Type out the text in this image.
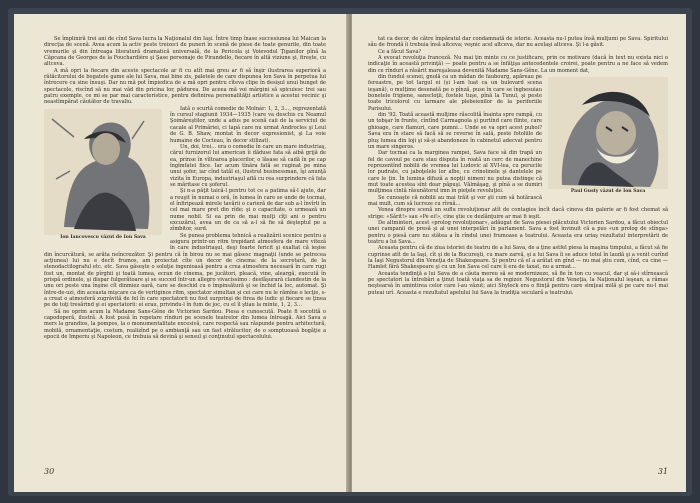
Se împliniră trei ani de cînd Sava lucra la Naţionalul din Iaşi. Între timp înase succesiunea lui Maican la direcţia de scenă. Avea acum la activ peste treizeci de puneri în scenă de piese de toate genurile, din toate vremurile şi din întreaga literatură dramatică universală, de la Pericola şi Voievodul Ţiganilor pînă la Căpcana de Georges de la Fouchardière şi Şase personaje de Pirandello, fiecare în altă viziune şi, firește, cu altceva.

A mă opri la fiecare din aceste spectacole ar fi cu atît mai greu ar fi să înşir ilustrarea superioră a rătăcitorului de bogatele game ale lui Sava, mai bine zis, paletele de care dispunea Ion Sava în perpetua lui întrecere cu sine însuşi. Dar nu mă pot împiedica de a mă opri pentru cîteva clipe în desişul unui bunget de spectacole, riscînd să nu mai văd din pricina lor, pădurea. De aceea mă voi mărgini să spicuiesc trei sau patru exemple, ce mi se par mai caracteristice, pentru definirea personalităţii artistice a acestui vecinic şi neastîmpărat căutător de travaliu.

Ion Iancovescu văzut de Ion Sava

Iată o scurtă comedie de Molnár: 1, 2, 3…, reprezentată în cursul stagiunii 1934—1935 (care va deschis cu Neamul Şoimăreştilor, unde a adus pe scenă caii de la serviciul de cacale al Primăriei, ci tapă care nu urmat Androcles şi Leul de G. B. Shaw, montat în decor expresionist, şi La voie humaine de Cocteau, în decor stilizat).

Un, doi, trei… era o comedie în care un mare industriaş, cărui furnizorul lui american îi dăduse fata să aibă grijă de ea, prinse în vîltoarea placerilor, o lăsase să cadă în pe cap îngîmfatei fiice. Iar acum tînăra fată se ruginat pe mina unui şofer, iar cînd tatăl ei, ilustrul businessman, îşi anunţă vizita în Europa, industriaşul află cu rea surprindere că fata se măritase cu şoferul.

Şi n-a păţit taică-l pentru tot ce a patima să-l ajute, dar a reuşit în numai o oră, în lumea în care se unde de tocmai, el înfiripează mirele tavării o carieră de dar sub a-l învîrti în cel mai mare pret din rîde; şi o capacitate, o urmează un nume nobil. Si ea prin de mai mulţi cîţi ani o pentru excuzărul, avea un de ca să a-l să fie să deşteptul pe a zîmbitor, surd.

Se punea problema tehnică a realizării scenice pentru a asigura printr-un ritm trepidant atmosfera de mare viteză în care industriaşul, deşi foarte fericit şi exaltat că ieşise din încurcătură, se arăta neîncrezător. Şi pentru că în birou nu se mai găsesc magnaţii (unde se petrecea acţiunea) lui nu e decît frumos, am proiectat cîte un decor de cinema: de la secretară, de la stenodactilograful etc. etc. Sava găseşte o soluţie ingenioasă pentru a crea atmosfera necesară în care rugi fost un, montat de pîrghii şi toată lumea, ecran de cinema, pe jucători, pleacă, vine, aleargă, execută în prispă ordinele, şi dispar fulgerătoare şi se succed într-un allegro vivacissimo : desfăşurară clandestin de la unu ori peste una înşine cît dinmiez oară, care se deschid cu o împinsătură şi se închid la loc, automat. Şi între-de-uzi, din aceasta mişcare ca de vertiginos ritm, spectator simultan şi cei care nu le rămîne o lecţie, s-a creat o atmosferă zugrăvită de fel în care spectatorii nu fost surprinşi de firea de ludic şi fiecare se ţinea pe de toţi tresărind şi ei spectatorii: ei erau, privindu-l în fum de joc, cu el îl ştiau la minte, 1, 2, 3…

Să ne oprim acum la Madame Sans-Gêne de Victorien Sardou. Piesa e cunoscută. Poate fi socotită o capodoperă, ilustră. A fost pusă în repetare rînduri pe scenele teatrelor din lumea întreagă. Aici Sava a mers la grandios, la pompos, la o monumentalitate excesivă, care respectă sau răspunde pentru arhitectură, mobilă, ornamentaţie, costum, realizînd pe o ambianţă sau un fast strălucitor, de o somptuoasă bogăţie a epocii de Imperiu şi Napoleon, ce trebuia să devină şi sensul şi conţinutul spectacolului.

30

tat ca decor, de către împăratul dar condamnată de istorie. Aceasta nu-l putea însă mulţumi pe Sava. Spiritului său de frondă îi trebuia însă altceva; veşnic acel altceva, dar nu acelaşi altceva. Şi l-a găsit.

Ce a făcut Sava?

A evocat revoluţia franceză. Nu mai ţin minte cu ce justificare, prin ce motivare (dacă în text nu exista nici o indicaţie în această privinţă) — poate pentru a se înfăţişa antecedentele croirei, poate pentru a ne face să vedem din ce rînduri a răsărit mareşaleasa devenită Madame Sans-Gêne. La un moment dat,

Paul Gusty văzut de Ion Sava

din fundul scenei, gnolă ca un mădan de faubourg, apăreau pe fereastre, pe tot largul ei (și l-am luat ca un bulevard scena ieşană), o mulţime desenată pe o pînză, puse în care se înghesuiau bonetele frigiene, sanscloţii, fostele tuşe, pînă la Tunul, şi peste toate tricolorul cu larmare ale plebeienilor de la periferiile Parisului.

din '92. Toată această mulţime răscolită înainta spre rampă, cu un tobşar în frunte, cîntînd Carmagnola şi purtînd care flinte, care ghioage, care flamuri, care pumni… Unde se va opri acest puhoi? Sava era în stare să facă să se reverse în sală, peste fotoliile de pluş lumea din loji şi să-și abandoneze în cabinetul adecvat pentru un mare singeros.

Dar tocmai ca la marginea rampei, Sava face să din trapă un fel de cavoul pe care stau disputa în roată un cerc de manechine reprezentînd nobilii de vremea lui Ludovic al XVI-lea, cu perucile lor pudrate, cu jaboţelele lor albe, cu crinolinele şi dantelele pe care le ţin. În lumina difuză a nopţii nimeni nu putea distinge că mut toate acestea sînt doar păpuşi. Vălmăşag, şi pînă a se dumiri mulţimea cîntă răsunătorul imn în pieţele revoluţiei.

Se cunoaşte că nobilii au mai trăit şi vor şti cum să hotărască mai mult, cum să lucreze cu rîvnă...

Venea dinspre scenă un suflu revoluţionar atît de contagios încît dacă cineva din galerie ar fi fost chemat să strige: «Sărit!» sau «Pe ei!», cine ştie ce dezlănţuire ar mai fi ieşit.

De altminteri, acest «prolog revoluţionar», adăugat de Sava piesei plăcutului Victorien Sardou, a făcut obiectul unei campanii de presă şi al unei interpelări în parlament. Sava a fost învinuit că a pus «un prolog de stînga» pentru o piesă care nu stătea a în rîndul unei frumoase a teatrului. Aceasta era uriaş rezultatul interpretării de teatru a lui Sava...

Aceasta pentru că de ziua istoriei de teatru de a lui Sava, de a ţine astfel piesa la maşina timpului, a făcut să fie cuprinse atît de la Iaşi, cît şi de la Bucureşti, cu mare zarvă, şi a lui Sava îi se aduce totul în laudă şi a venit curînd la Iaşi Negustorul din Veneţia de Shakespeare. Şi pentru că el a arătat un gînd — nu mai ştiu cum, cînd, cu cine — Hamlet fără Shakespeare şi cu un Ion Sava cel care îi era de taxat, nu a urmat...

Aceasta tendinţă a lui Sava de a căuta mereu să se modernizeze, să fie în ton cu veacul, dar şi să-i stîrnească pe spectatori la întrebări a ţinut toată viaţa sa de regizor. Negustorul din Veneţia, la Naţionalul ieşean, a rămas neştearsă în amintirea celor care l-au văzut; aici Shylock era o fiinţă pentru care simţeai milă şi pe care nu-l mai puteai urî. Aceasta e rezultatul apelului lui Sava la tradiţia seculară a teatrului.

31
